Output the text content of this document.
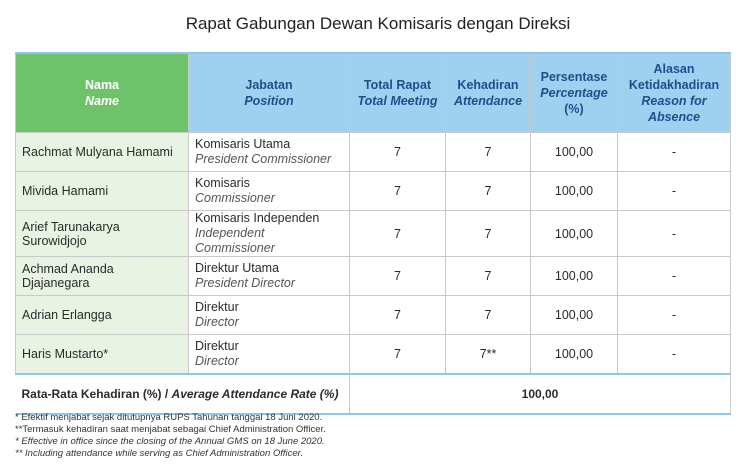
Rapat Gabungan Dewan Komisaris dengan Direksi
Nama
Name	Jabatan
Position	Total Rapat
Total Meeting	Kehadiran
Attendance	Persentase
Percentage
(%)	Alasan Ketidakhadiran
Reason for Absence

Rachmat Mulyana Hamami	Komisaris Utama
President Commissioner	7	7	100,00	-
Mivida Hamami	Komisaris
Commissioner	7	7	100,00	-
Arief Tarunakarya Surowidjojo	Komisaris Independen
Independent Commissioner	7	7	100,00	-
Achmad Ananda Djajanegara	Direktur Utama
President Director	7	7	100,00	-
Adrian Erlangga	Direktur
Director	7	7	100,00	-
Haris Mustarto*	Direktur
Director	7	7**	100,00	-
Rata-Rata Kehadiran (%) / Average Attendance Rate (%)		100,00			
* Efektif menjabat sejak ditutupnya RUPS Tahunan tanggal 18 Juni 2020.
**Termasuk kehadiran saat menjabat sebagai Chief Administration Officer.
* Effective in office since the closing of the Annual GMS on 18 June 2020.
** Including attendance while serving as Chief Administration Officer.
